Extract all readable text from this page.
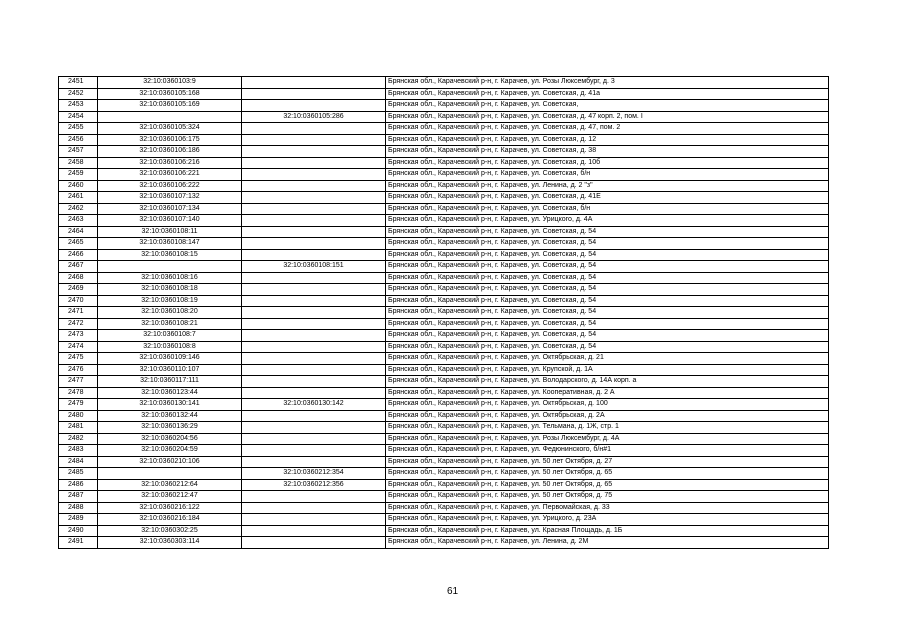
2451	32:10:0360103:9		Брянская обл., Карачевский р-н, г. Карачев, ул. Розы Люксембург, д. 3
2452	32:10:0360105:168		Брянская обл., Карачевский р-н, г. Карачев, ул. Советская, д. 41а
2453	32:10:0360105:169		Брянская обл., Карачевский р-н, г. Карачев, ул. Советская,
2454		32:10:0360105:286	Брянская обл., Карачевский р-н, г. Карачев, ул. Советская, д. 47 корп. 2, пом. I
2455	32:10:0360105:324		Брянская обл., Карачевский р-н, г. Карачев, ул. Советская, д. 47, пом. 2
2456	32:10:0360106:175		Брянская обл., Карачевский р-н, г. Карачев, ул. Советская, д. 12
2457	32:10:0360106:186		Брянская обл., Карачевский р-н, г. Карачев, ул. Советская, д. 38
2458	32:10:0360106:216		Брянская обл., Карачевский р-н, г. Карачев, ул. Советская, д. 10б
2459	32:10:0360106:221		Брянская обл., Карачевский р-н, г. Карачев, ул. Советская, б/н
2460	32:10:0360106:222		Брянская обл., Карачевский р-н, г. Карачев, ул. Ленина, д. 2 "з"
2461	32:10:0360107:132		Брянская обл., Карачевский р-н, г. Карачев, ул. Советская, д. 41Е
2462	32:10:0360107:134		Брянская обл., Карачевский р-н, г. Карачев, ул. Советская, б/н
2463	32:10:0360107:140		Брянская обл., Карачевский р-н, г. Карачев, ул. Урицкого, д. 4А
2464	32:10:0360108:11		Брянская обл., Карачевский р-н, г. Карачев, ул. Советская, д. 54
2465	32:10:0360108:147		Брянская обл., Карачевский р-н, г. Карачев, ул. Советская, д. 54
2466	32:10:0360108:15		Брянская обл., Карачевский р-н, г. Карачев, ул. Советская, д. 54
2467		32:10:0360108:151	Брянская обл., Карачевский р-н, г. Карачев, ул. Советская, д. 54
2468	32:10:0360108:16		Брянская обл., Карачевский р-н, г. Карачев, ул. Советская, д. 54
2469	32:10:0360108:18		Брянская обл., Карачевский р-н, г. Карачев, ул. Советская, д. 54
2470	32:10:0360108:19		Брянская обл., Карачевский р-н, г. Карачев, ул. Советская, д. 54
2471	32:10:0360108:20		Брянская обл., Карачевский р-н, г. Карачев, ул. Советская, д. 54
2472	32:10:0360108:21		Брянская обл., Карачевский р-н, г. Карачев, ул. Советская, д. 54
2473	32:10:0360108:7		Брянская обл., Карачевский р-н, г. Карачев, ул. Советская, д. 54
2474	32:10:0360108:8		Брянская обл., Карачевский р-н, г. Карачев, ул. Советская, д. 54
2475	32:10:0360109:146		Брянская обл., Карачевский р-н, г. Карачев, ул. Октябрьская, д. 21
2476	32:10:0360110:107		Брянская обл., Карачевский р-н, г. Карачев, ул. Крупской, д. 1А
2477	32:10:0360117:111		Брянская обл., Карачевский р-н, г. Карачев, ул. Володарского, д. 14А корп. а
2478	32:10:0360123:44		Брянская обл., Карачевский р-н, г. Карачев, ул. Кооперативная, д. 2 А
2479	32:10:0360130:141	32:10:0360130:142	Брянская обл., Карачевский р-н, г. Карачев, ул. Октябрьская, д. 100
2480	32:10:0360132:44		Брянская обл., Карачевский р-н, г. Карачев, ул. Октябрьская, д. 2А
2481	32:10:0360136:29		Брянская обл., Карачевский р-н, г. Карачев, ул. Тельмана, д. 1Ж, стр. 1
2482	32:10:0360204:56		Брянская обл., Карачевский р-н, г. Карачев, ул. Розы Люксембург, д. 4А
2483	32:10:0360204:59		Брянская обл., Карачевский р-н, г. Карачев, ул. Федюнинского, б/н#1
2484	32:10:0360210:106		Брянская обл., Карачевский р-н, г. Карачев, ул. 50 лет Октября, д. 27
2485		32:10:0360212:354	Брянская обл., Карачевский р-н, г. Карачев, ул. 50 лет Октября, д. 65
2486	32:10:0360212:64	32:10:0360212:356	Брянская обл., Карачевский р-н, г. Карачев, ул. 50 лет Октября, д. 65
2487	32:10:0360212:47		Брянская обл., Карачевский р-н, г. Карачев, ул. 50 лет Октября, д. 75
2488	32:10:0360216:122		Брянская обл., Карачевский р-н, г. Карачев, ул. Первомайская, д. 33
2489	32:10:0360216:184		Брянская обл., Карачевский р-н, г. Карачев, ул. Урицкого, д. 23А
2490	32:10:0360302:25		Брянская обл., Карачевский р-н, г. Карачев, ул. Красная Площадь, д. 1Б
2491	32:10:0360303:114		Брянская обл., Карачевский р-н, г. Карачев, ул. Ленина, д. 2М
61
